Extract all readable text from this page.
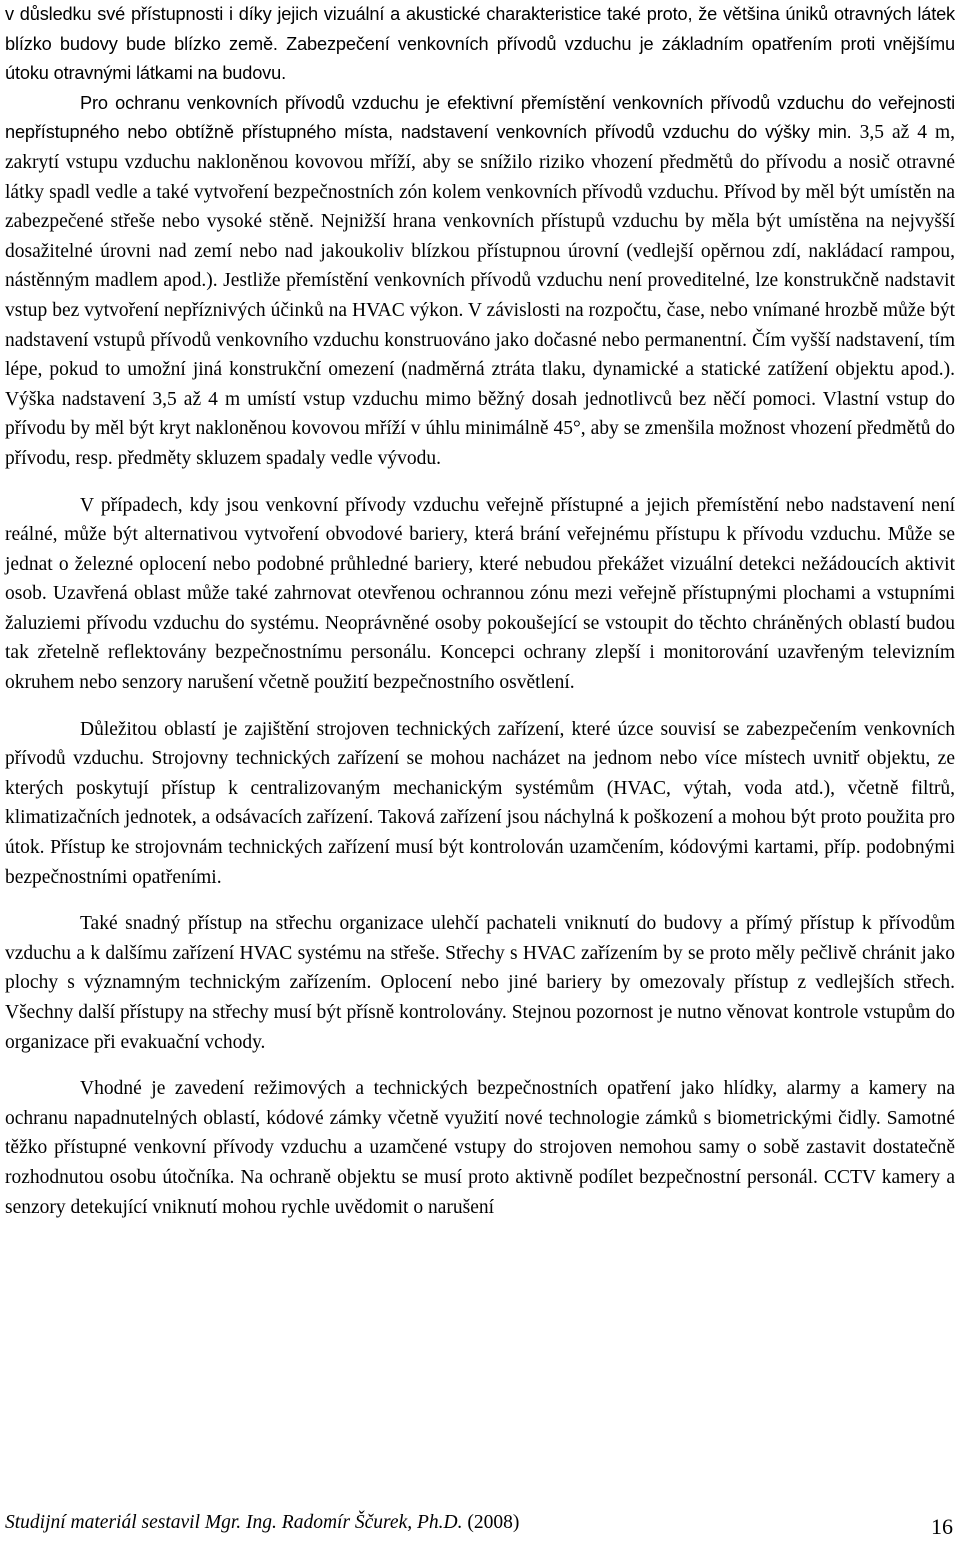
v důsledku své přístupnosti i díky jejich vizuální a akustické charakteristice také proto, že většina úniků otravných látek blízko budovy bude blízko země. Zabezpečení venkovních přívodů vzduchu je základním opatřením proti vnějšímu útoku otravnými látkami na budovu.

Pro ochranu venkovních přívodů vzduchu je efektivní přemístění venkovních přívodů vzduchu do veřejnosti nepřístupného nebo obtížně přístupného místa, nadstavení venkovních přívodů vzduchu do výšky min. 3,5 až 4 m, zakrytí vstupu vzduchu nakloněnou kovovou mříží, aby se snížilo riziko vhození předmětů do přívodu a nosič otravné látky spadl vedle a také vytvoření bezpečnostních zón kolem venkovních přívodů vzduchu. Přívod by měl být umístěn na zabezpečené střeše nebo vysoké stěně. Nejnižší hrana venkovních přístupů vzduchu by měla být umístěna na nejvyšší dosažitelné úrovni nad zemí nebo nad jakoukoliv blízkou přístupnou úrovní (vedlejší opěrnou zdí, nakládací rampou, nástěnným madlem apod.). Jestliže přemístění venkovních přívodů vzduchu není proveditelné, lze konstrukčně nadstavit vstup bez vytvoření nepříznivých účinků na HVAC výkon. V závislosti na rozpočtu, čase, nebo vnímané hrozbě může být nadstavení vstupů přívodů venkovního vzduchu konstruováno jako dočasné nebo permanentní. Čím vyšší nadstavení, tím lépe, pokud to umožní jiná konstrukční omezení (nadměrná ztráta tlaku, dynamické a statické zatížení objektu apod.). Výška nadstavení 3,5 až 4 m umístí vstup vzduchu mimo běžný dosah jednotlivců bez něčí pomoci. Vlastní vstup do přívodu by měl být kryt nakloněnou kovovou mříží v úhlu minimálně 45°, aby se zmenšila možnost vhození předmětů do přívodu, resp. předměty skluzem spadaly vedle vývodu.

V případech, kdy jsou venkovní přívody vzduchu veřejně přístupné a jejich přemístění nebo nadstavení není reálné, může být alternativou vytvoření obvodové bariery, která brání veřejnému přístupu k přívodu vzduchu. Může se jednat o železné oplocení nebo podobné průhledné bariery, které nebudou překážet vizuální detekci nežádoucích aktivit osob. Uzavřená oblast může také zahrnovat otevřenou ochrannou zónu mezi veřejně přístupnými plochami a vstupními žaluziemi přívodu vzduchu do systému. Neoprávněné osoby pokoušející se vstoupit do těchto chráněných oblastí budou tak zřetelně reflektovány bezpečnostnímu personálu. Koncepci ochrany zlepší i monitorování uzavřeným televizním okruhem nebo senzory narušení včetně použití bezpečnostního osvětlení.

Důležitou oblastí je zajištění strojoven technických zařízení, které úzce souvisí se zabezpečením venkovních přívodů vzduchu. Strojovny technických zařízení se mohou nacházet na jednom nebo více místech uvnitř objektu, ze kterých poskytují přístup k centralizovaným mechanickým systémům (HVAC, výtah, voda atd.), včetně filtrů, klimatizačních jednotek, a odsávacích zařízení. Taková zařízení jsou náchylná k poškození a mohou být proto použita pro útok. Přístup ke strojovnám technických zařízení musí být kontrolován uzamčením, kódovými kartami, příp. podobnými bezpečnostními opatřeními.

Také snadný přístup na střechu organizace ulehčí pachateli vniknutí do budovy a přímý přístup k přívodům vzduchu a k dalšímu zařízení HVAC systému na střeše. Střechy s HVAC zařízením by se proto měly pečlivě chránit jako plochy s významným technickým zařízením. Oplocení nebo jiné bariery by omezovaly přístup z vedlejších střech. Všechny další přístupy na střechy musí být přísně kontrolovány. Stejnou pozornost je nutno věnovat kontrole vstupům do organizace při evakuační vchody.

Vhodné je zavedení režimových a technických bezpečnostních opatření jako hlídky, alarmy a kamery na ochranu napadnutelných oblastí, kódové zámky včetně využití nové technologie zámků s biometrickými čidly. Samotné těžko přístupné venkovní přívody vzduchu a uzamčené vstupy do strojoven nemohou samy o sobě zastavit dostatečně rozhodnutou osobu útočníka. Na ochraně objektu se musí proto aktivně podílet bezpečnostní personál. CCTV kamery a senzory detekující vniknutí mohou rychle uvědomit o narušení

Studijní materiál sestavil Mgr. Ing. Radomír Ščurek, Ph.D. (2008)	16
